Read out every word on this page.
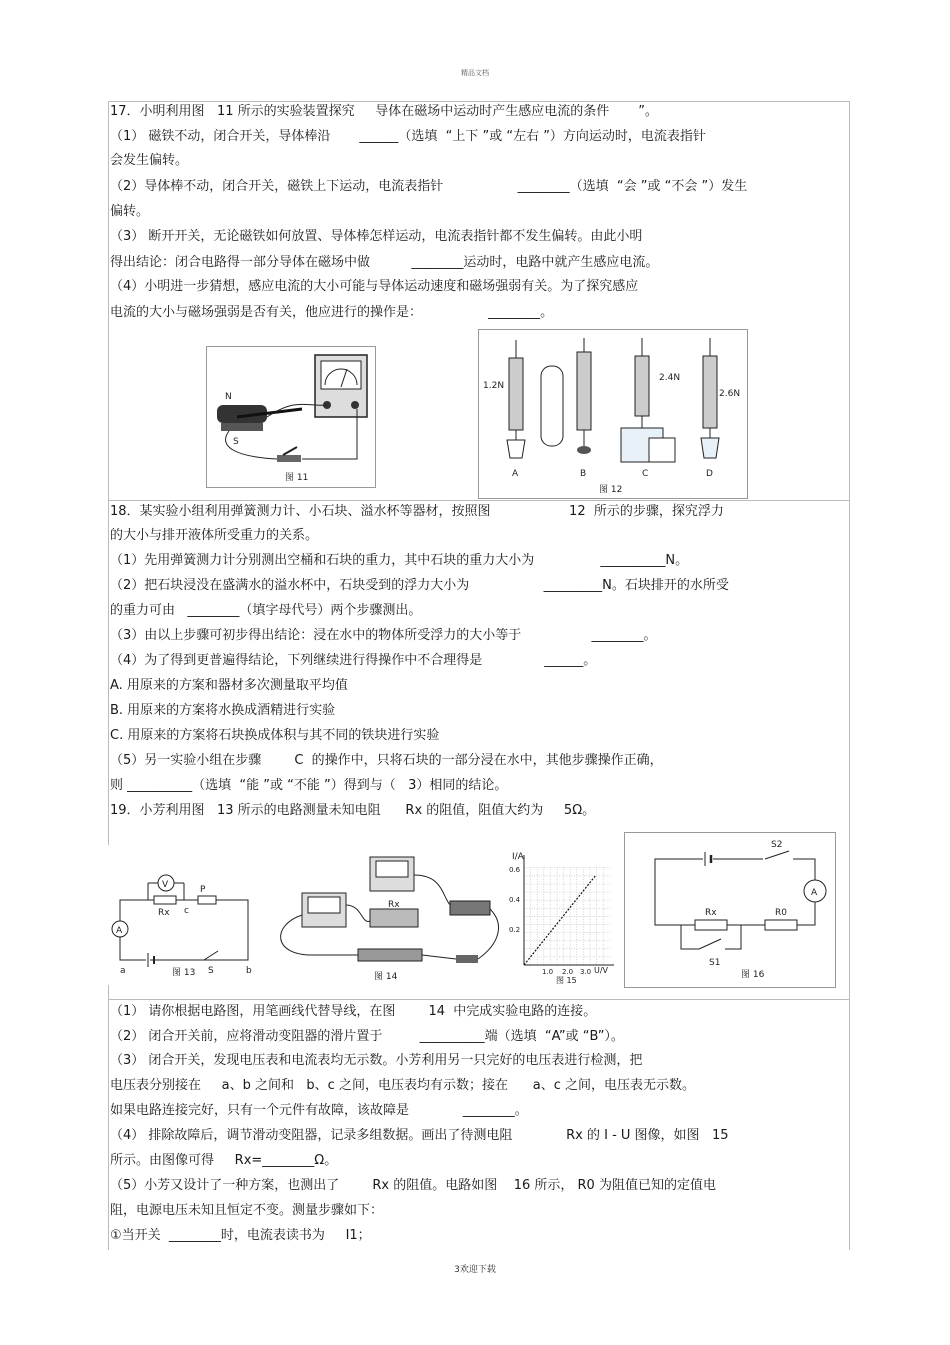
精品文档
17．小明利用图   11 所示的实验装置探究     导体在磁场中运动时产生感应电流的条件       ”。
（1） 磁铁不动，闭合开关，导体棒沿       ______（选填  “上下 ”或 “左右 ”）方向运动时，电流表指针
会发生偏转。
（2）导体棒不动，闭合开关，磁铁上下运动，电流表指针                  ________（选填  “会 ”或 “不会 ”）发生
偏转。
（3） 断开开关，无论磁铁如何放置、导体棒怎样运动，电流表指针都不发生偏转。由此小明
得出结论：闭合电路得一部分导体在磁场中做          ________运动时，电路中就产生感应电流。
（4）小明进一步猜想，感应电流的大小可能与导体运动速度和磁场强弱有关。为了探究感应
电流的大小与磁场强弱是否有关，他应进行的操作是：                ________。
N
S
图 11
1.2N
2.4N
2.6N
A	B	C	D
图 12
18．某实验小组利用弹簧测力计、小石块、溢水杯等器材，按照图                   12  所示的步骤，探究浮力
的大小与排开液体所受重力的关系。
（1）先用弹簧测力计分别测出空桶和石块的重力，其中石块的重力大小为                __________N。
（2）把石块浸没在盛满水的溢水杯中，石块受到的浮力大小为                  _________N。石块排开的水所受
的重力可由   ________（填字母代号）两个步骤测出。
（3）由以上步骤可初步得出结论：浸在水中的物体所受浮力的大小等于                 ________。
（4）为了得到更普遍得结论，下列继续进行得操作中不合理得是               ______。
A. 用原来的方案和器材多次测量取平均值
B. 用原来的方案将水换成酒精进行实验
C. 用原来的方案将石块换成体积与其不同的铁块进行实验
（5）另一实验小组在步骤        C  的操作中，只将石块的一部分浸在水中，其他步骤操作正确，
则 __________（选填  “能 ”或 “不能 ”）得到与（   3）相同的结论。
19．小芳利用图   13 所示的电路测量未知电阻      Rx 的阻值，阻值大约为     5Ω。
V
Rx c
P
A
a	S	b
图 13
Rx
图 14
I/A
U/V
0.6
0.4
0.2
1.0 2.0 3.0
图 15
S2
A
Rx	R0
S1
图 16
（1） 请你根据电路图，用笔画线代替导线，在图        14  中完成实验电路的连接。
（2） 闭合开关前，应将滑动变阻器的滑片置于         __________端（选填  “A”或 “B”）。
（3） 闭合开关，发现电压表和电流表均无示数。小芳利用另一只完好的电压表进行检测，把
电压表分别接在     a、b 之间和   b、c 之间，电压表均有示数；接在      a、c 之间，电压表无示数。
如果电路连接完好，只有一个元件有故障，该故障是             ________。
（4） 排除故障后，调节滑动变阻器，记录多组数据。画出了待测电阻             Rx 的 I - U 图像，如图   15
所示。由图像可得     Rx=________Ω。
（5）小芳又设计了一种方案，也测出了        Rx 的阻值。电路如图    16 所示， R0 为阻值已知的定值电
阻，电源电压未知且恒定不变。测量步骤如下：
①当开关  ________时，电流表读书为     I1；
3欢迎下载
